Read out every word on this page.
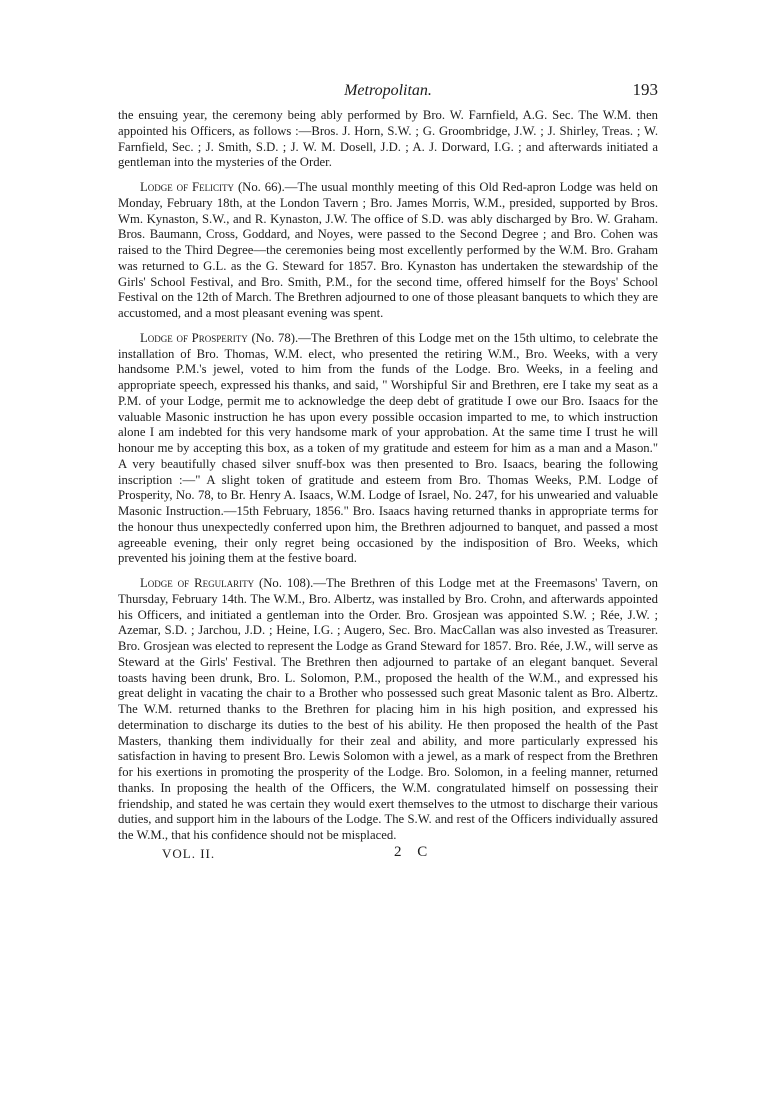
Metropolitan.	193

the ensuing year, the ceremony being ably performed by Bro. W. Farnfield, A.G. Sec. The W.M. then appointed his Officers, as follows :—Bros. J. Horn, S.W. ; G. Groombridge, J.W. ; J. Shirley, Treas. ; W. Farnfield, Sec. ; J. Smith, S.D. ; J. W. M. Dosell, J.D. ; A. J. Dorward, I.G. ; and afterwards initiated a gentleman into the mysteries of the Order.

Lodge of Felicity (No. 66).—The usual monthly meeting of this Old Red-apron Lodge was held on Monday, February 18th, at the London Tavern ; Bro. James Morris, W.M., presided, supported by Bros. Wm. Kynaston, S.W., and R. Kynaston, J.W. The office of S.D. was ably discharged by Bro. W. Graham. Bros. Baumann, Cross, Goddard, and Noyes, were passed to the Second Degree ; and Bro. Cohen was raised to the Third Degree—the ceremonies being most excellently performed by the W.M. Bro. Graham was returned to G.L. as the G. Steward for 1857. Bro. Kynaston has undertaken the stewardship of the Girls' School Festival, and Bro. Smith, P.M., for the second time, offered himself for the Boys' School Festival on the 12th of March. The Brethren adjourned to one of those pleasant banquets to which they are accustomed, and a most pleasant evening was spent.

Lodge of Prosperity (No. 78).—The Brethren of this Lodge met on the 15th ultimo, to celebrate the installation of Bro. Thomas, W.M. elect, who presented the retiring W.M., Bro. Weeks, with a very handsome P.M.'s jewel, voted to him from the funds of the Lodge. Bro. Weeks, in a feeling and appropriate speech, expressed his thanks, and said, " Worshipful Sir and Brethren, ere I take my seat as a P.M. of your Lodge, permit me to acknowledge the deep debt of gratitude I owe our Bro. Isaacs for the valuable Masonic instruction he has upon every possible occasion imparted to me, to which instruction alone I am indebted for this very handsome mark of your approbation. At the same time I trust he will honour me by accepting this box, as a token of my gratitude and esteem for him as a man and a Mason." A very beautifully chased silver snuff-box was then presented to Bro. Isaacs, bearing the following inscription :—" A slight token of gratitude and esteem from Bro. Thomas Weeks, P.M. Lodge of Prosperity, No. 78, to Br. Henry A. Isaacs, W.M. Lodge of Israel, No. 247, for his unwearied and valuable Masonic Instruction.—15th February, 1856." Bro. Isaacs having returned thanks in appropriate terms for the honour thus unexpectedly conferred upon him, the Brethren adjourned to banquet, and passed a most agreeable evening, their only regret being occasioned by the indisposition of Bro. Weeks, which prevented his joining them at the festive board.

Lodge of Regularity (No. 108).—The Brethren of this Lodge met at the Freemasons' Tavern, on Thursday, February 14th. The W.M., Bro. Albertz, was installed by Bro. Crohn, and afterwards appointed his Officers, and initiated a gentleman into the Order. Bro. Grosjean was appointed S.W. ; Rée, J.W. ; Azemar, S.D. ; Jarchou, J.D. ; Heine, I.G. ; Augero, Sec. Bro. MacCallan was also invested as Treasurer. Bro. Grosjean was elected to represent the Lodge as Grand Steward for 1857. Bro. Rée, J.W., will serve as Steward at the Girls' Festival. The Brethren then adjourned to partake of an elegant banquet. Several toasts having been drunk, Bro. L. Solomon, P.M., proposed the health of the W.M., and expressed his great delight in vacating the chair to a Brother who possessed such great Masonic talent as Bro. Albertz. The W.M. returned thanks to the Brethren for placing him in his high position, and expressed his determination to discharge its duties to the best of his ability. He then proposed the health of the Past Masters, thanking them individually for their zeal and ability, and more particularly expressed his satisfaction in having to present Bro. Lewis Solomon with a jewel, as a mark of respect from the Brethren for his exertions in promoting the prosperity of the Lodge. Bro. Solomon, in a feeling manner, returned thanks. In proposing the health of the Officers, the W.M. congratulated himself on possessing their friendship, and stated he was certain they would exert themselves to the utmost to discharge their various duties, and support him in the labours of the Lodge. The S.W. and rest of the Officers individually assured the W.M., that his confidence should not be misplaced.

VOL. II.	2 C
